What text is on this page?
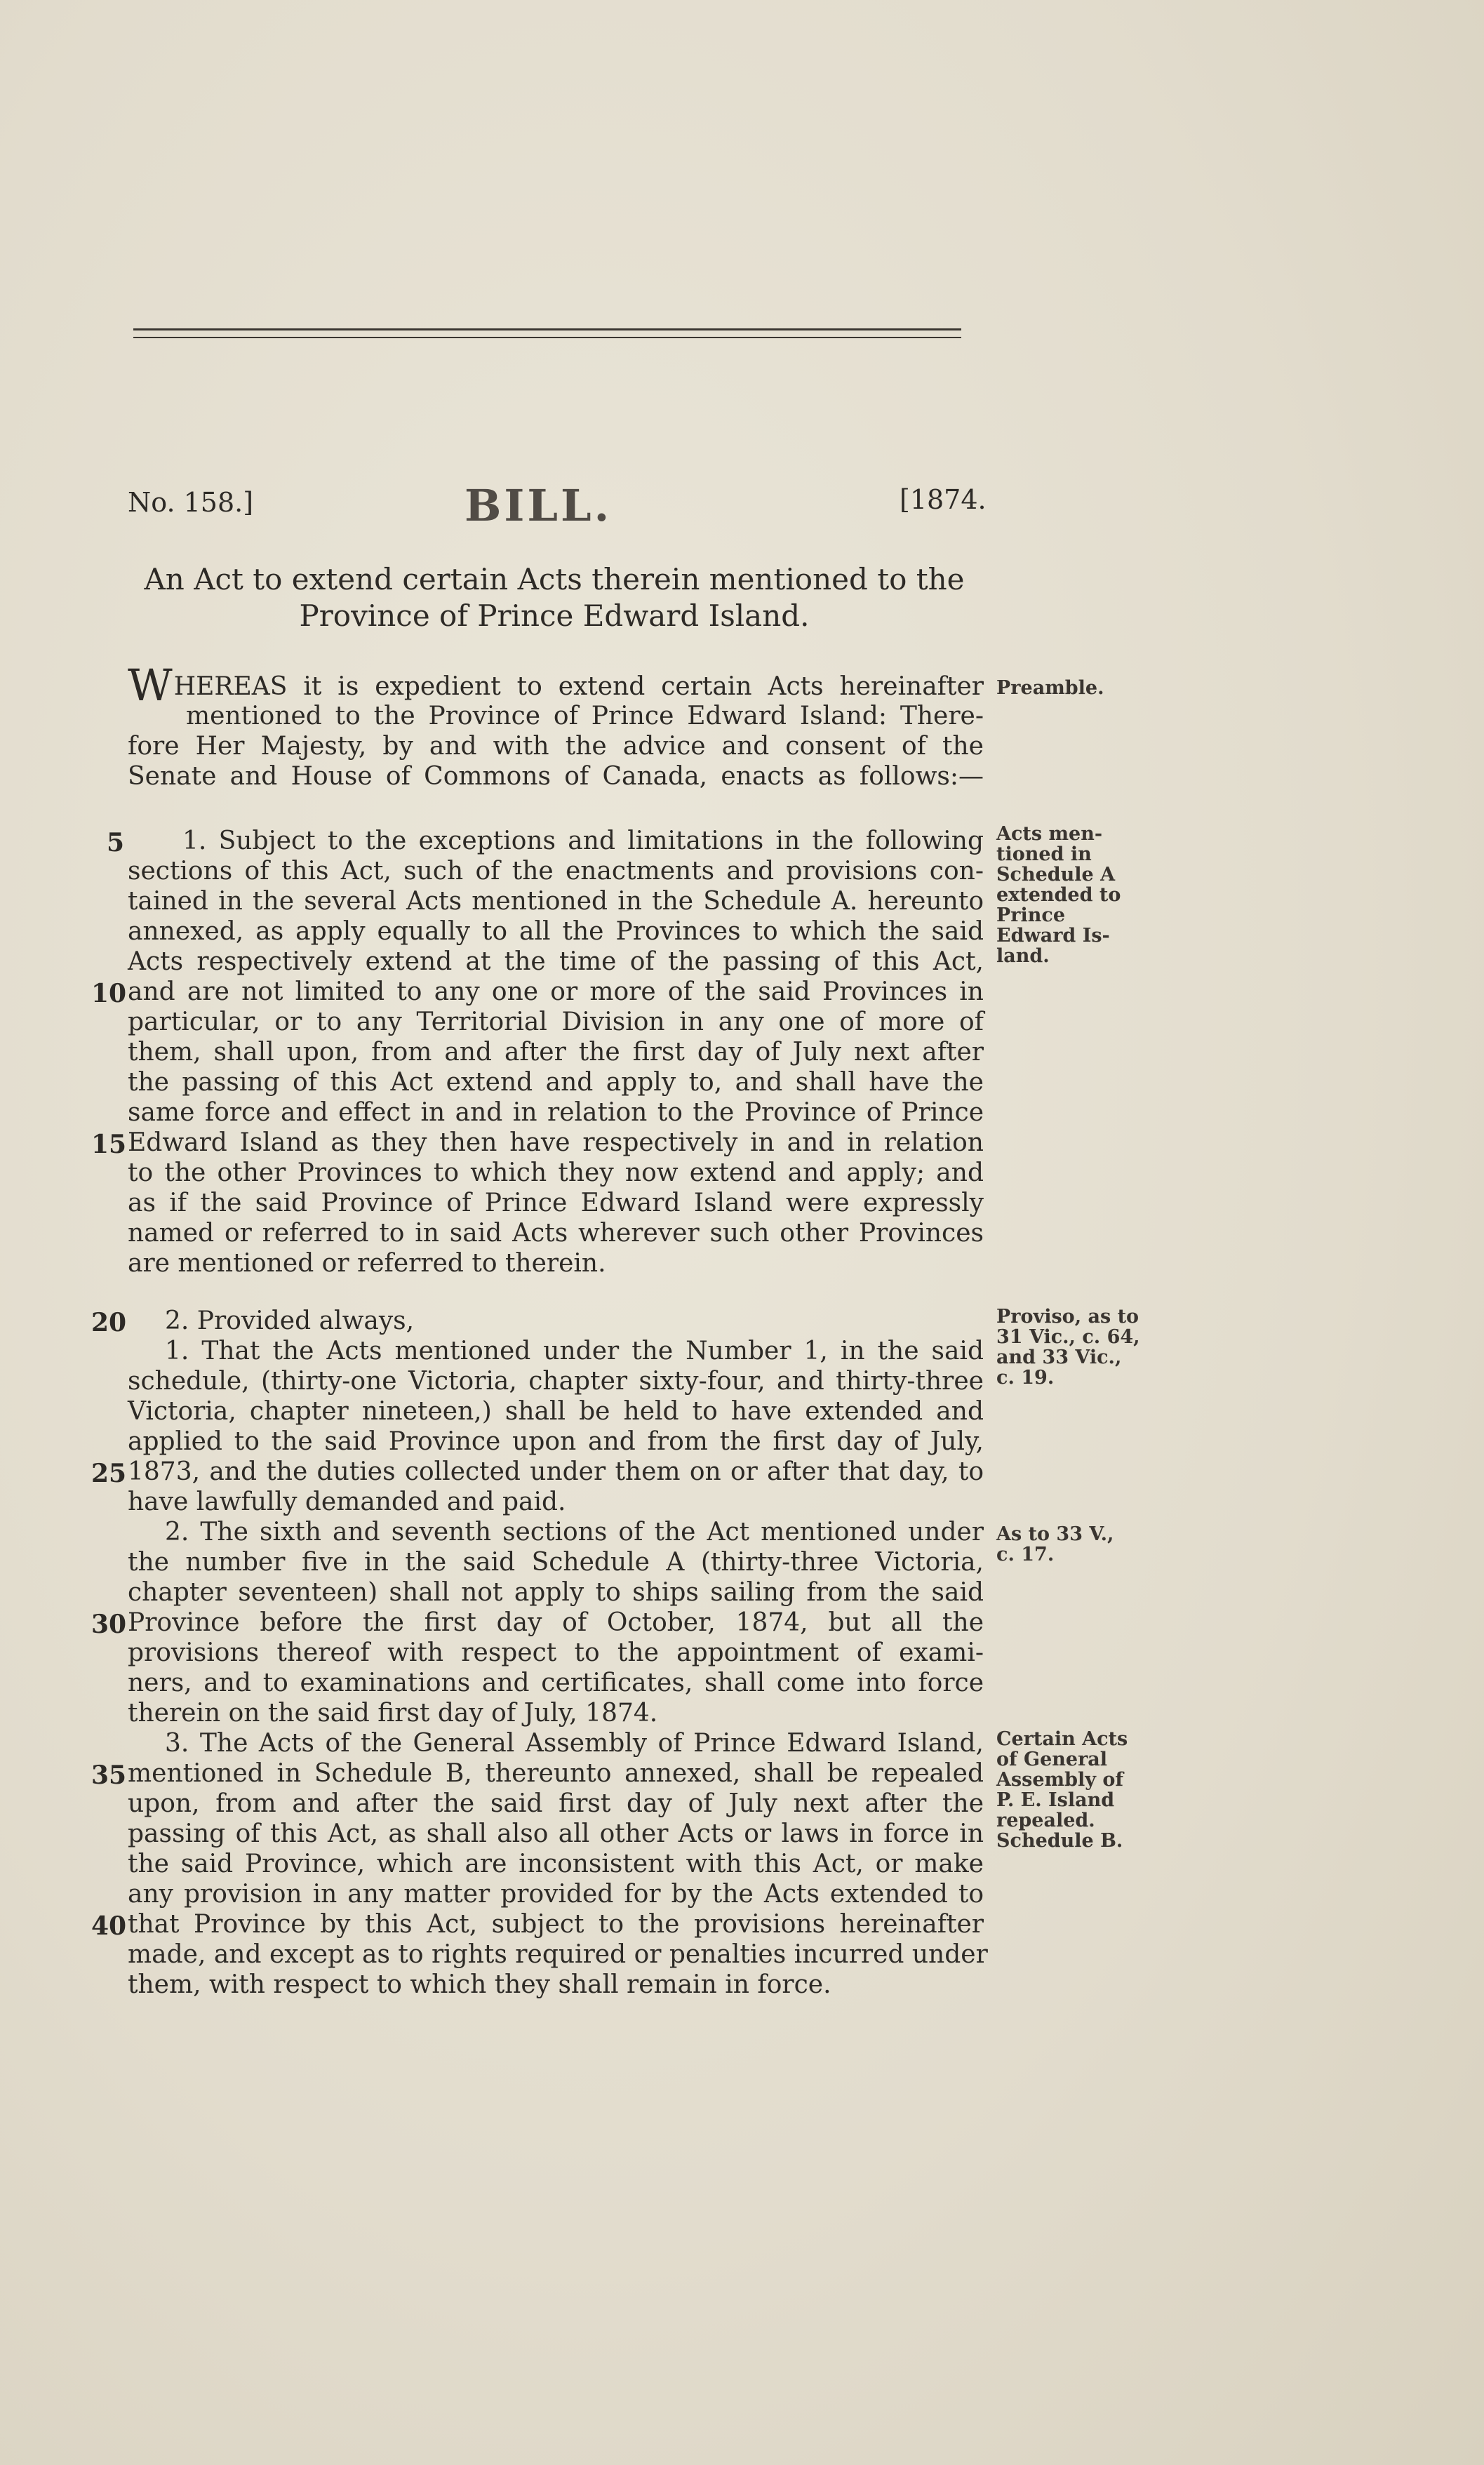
No. 158.]	BILL.	[1874.
An Act to extend certain Acts therein mentioned to the
Province of Prince Edward Island.
WHEREAS it is expedient to extend certain Acts hereinafter
mentioned to the Province of Prince Edward Island: There-
fore Her Majesty, by and with the advice and consent of the
Senate and House of Commons of Canada, enacts as follows:—
1. Subject to the exceptions and limitations in the following
sections of this Act, such of the enactments and provisions con-
tained in the several Acts mentioned in the Schedule A. hereunto
annexed, as apply equally to all the Provinces to which the said
Acts respectively extend at the time of the passing of this Act,
and are not limited to any one or more of the said Provinces in
particular, or to any Territorial Division in any one of more of
them, shall upon, from and after the first day of July next after
the passing of this Act extend and apply to, and shall have the
same force and effect in and in relation to the Province of Prince
Edward Island as they then have respectively in and in relation
to the other Provinces to which they now extend and apply; and
as if the said Province of Prince Edward Island were expressly
named or referred to in said Acts wherever such other Provinces
are mentioned or referred to therein.
2. Provided always,
1. That the Acts mentioned under the Number 1, in the said
schedule, (thirty-one Victoria, chapter sixty-four, and thirty-three
Victoria, chapter nineteen,) shall be held to have extended and
applied to the said Province upon and from the first day of July,
1873, and the duties collected under them on or after that day, to
have lawfully demanded and paid.
2. The sixth and seventh sections of the Act mentioned under
the number five in the said Schedule A (thirty-three Victoria,
chapter seventeen) shall not apply to ships sailing from the said
Province before the first day of October, 1874, but all the
provisions thereof with respect to the appointment of exami-
ners, and to examinations and certificates, shall come into force
therein on the said first day of July, 1874.
3. The Acts of the General Assembly of Prince Edward Island,
mentioned in Schedule B, thereunto annexed, shall be repealed
upon, from and after the said first day of July next after the
passing of this Act, as shall also all other Acts or laws in force in
the said Province, which are inconsistent with this Act, or make
any provision in any matter provided for by the Acts extended to
that Province by this Act, subject to the provisions hereinafter
made, and except as to rights required or penalties incurred under
them, with respect to which they shall remain in force.
5
10
15
20
25
30
35
40
Preamble.
Acts men-
tioned in
Schedule A
extended to
Prince
Edward Is-
land.
Proviso, as to
31 Vic., c. 64,
and 33 Vic.,
c. 19.
As to 33 V.,
c. 17.
Certain Acts
of General
Assembly of
P. E. Island
repealed.
Schedule B.
